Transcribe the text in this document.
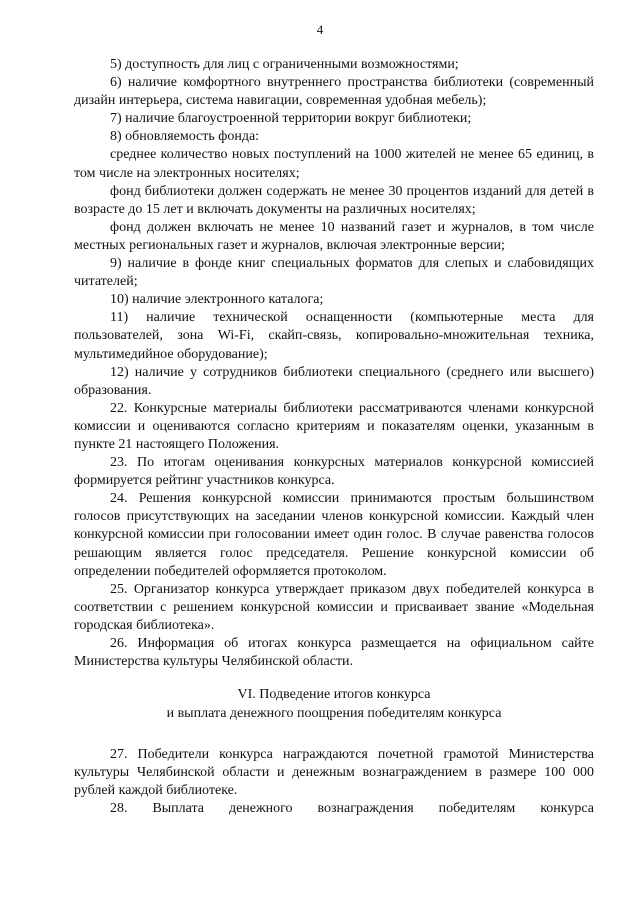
4

5) доступность для лиц с ограниченными возможностями;

6) наличие комфортного внутреннего пространства библиотеки (современный дизайн интерьера, система навигации, современная удобная мебель);

7) наличие благоустроенной территории вокруг библиотеки;

8) обновляемость фонда:

среднее количество новых поступлений на 1000 жителей не менее 65 единиц, в том числе на электронных носителях;

фонд библиотеки должен содержать не менее 30 процентов изданий для детей в возрасте до 15 лет и включать документы на различных носителях;

фонд должен включать не менее 10 названий газет и журналов, в том числе местных региональных газет и журналов, включая электронные версии;

9) наличие в фонде книг специальных форматов для слепых и слабовидящих читателей;

10) наличие электронного каталога;

11) наличие технической оснащенности (компьютерные места для пользователей, зона Wi-Fi, скайп-связь, копировально-множительная техника, мультимедийное оборудование);

12) наличие у сотрудников библиотеки специального (среднего или высшего) образования.

22. Конкурсные материалы библиотеки рассматриваются членами конкурсной комиссии и оцениваются согласно критериям и показателям оценки, указанным в пункте 21 настоящего Положения.

23. По итогам оценивания конкурсных материалов конкурсной комиссией формируется рейтинг участников конкурса.

24. Решения конкурсной комиссии принимаются простым большинством голосов присутствующих на заседании членов конкурсной комиссии. Каждый член конкурсной комиссии при голосовании имеет один голос. В случае равенства голосов решающим является голос председателя. Решение конкурсной комиссии об определении победителей оформляется протоколом.

25. Организатор конкурса утверждает приказом двух победителей конкурса в соответствии с решением конкурсной комиссии и присваивает звание «Модельная городская библиотека».

26. Информация об итогах конкурса размещается на официальном сайте Министерства культуры Челябинской области.

VI. Подведение итогов конкурса

и выплата денежного поощрения победителям конкурса

27. Победители конкурса награждаются почетной грамотой Министерства культуры Челябинской области и денежным вознаграждением в размере 100 000 рублей каждой библиотеке.

28. Выплата денежного вознаграждения победителям конкурса
